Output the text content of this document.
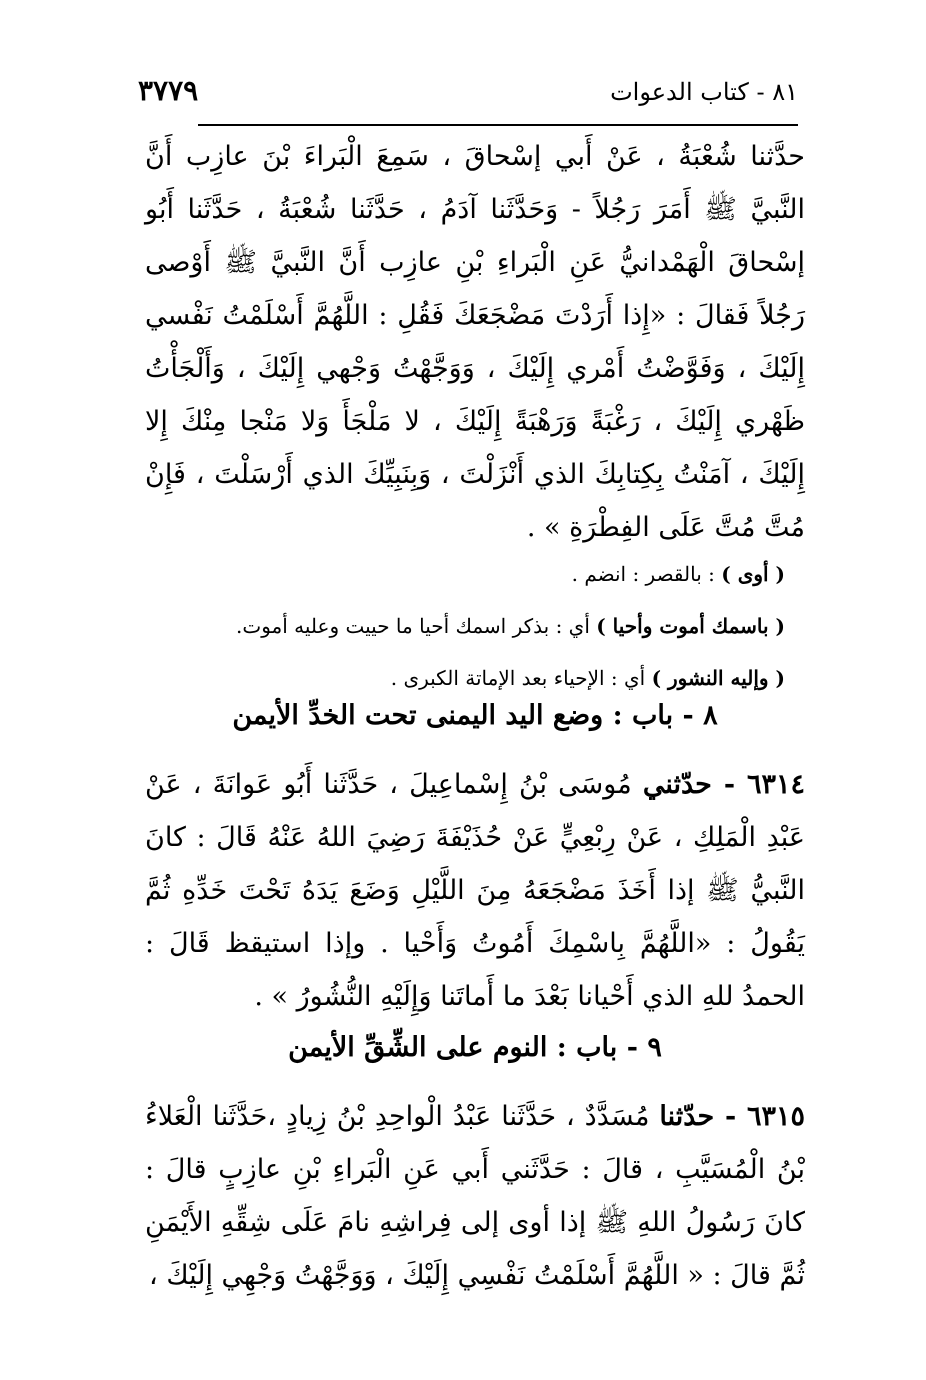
٣٧٧٩	٨١ - كتاب الدعوات

حدَّثنا شُعْبَةُ ، عَنْ أَبي إسْحاقَ ، سَمِعَ الْبَراءَ بْنَ عازِب أَنَّ النَّبيَّ ﷺ أَمَرَ رَجُلاً - وَحَدَّثَنا آدَمُ ، حَدَّثَنا شُعْبَةُ ، حَدَّثَنا أَبُو إسْحاقَ الْهَمْدانيُّ عَنِ الْبَراءِ بْنِ عازِب أَنَّ النَّبيَّ ﷺ أَوْصى رَجُلاً فَقالَ : «إِذا أَرَدْتَ مَضْجَعَكَ فَقُلِ : اللَّهُمَّ أَسْلَمْتُ نَفْسي إِلَيْكَ ، وَفَوَّضْتُ أَمْري إِلَيْكَ ، وَوَجَّهْتُ وَجْهي إِلَيْكَ ، وَأَلْجَأْتُ ظَهْري إِلَيْكَ ، رَغْبَةً وَرَهْبَةً إِلَيْكَ ، لا مَلْجَأَ وَلا مَنْجا مِنْكَ إِلا إِلَيْكَ ، آمَنْتُ بِكِتابِكَ الذي أَنْزَلْتَ ، وَبِنَبِيِّكَ الذي أَرْسَلْتَ ، فَإِنْ مُتَّ مُتَّ عَلَى الفِطْرَةِ » .

( أوى ) : بالقصر : انضم .

( باسمك أموت وأحيا ) أي : بذكر اسمك أحيا ما حييت وعليه أموت.

( وإليه النشور ) أي : الإحياء بعد الإماتة الكبرى .

٨ - باب : وضع اليد اليمنى تحت الخدِّ الأيمن

٦٣١٤ - حدّثني مُوسَى بْنُ إِسْماعِيلَ ، حَدَّثَنا أَبُو عَوانَةَ ، عَنْ عَبْدِ الْمَلِكِ ، عَنْ رِبْعِيٍّ عَنْ حُذَيْفَةَ رَضِيَ اللهُ عَنْهُ قَالَ : كانَ النَّبيُّ ﷺ إذا أَخَذَ مَضْجَعَهُ مِنَ اللَّيْلِ وَضَعَ يَدَهُ تَحْتَ خَدِّهِ ثُمَّ يَقُولُ : «اللَّهُمَّ بِاسْمِكَ أَمُوتُ وَأَحْيا . وإذا استيقظ قَالَ : الحمدُ للهِ الذي أَحْيانا بَعْدَ ما أَماتَنا وَإِلَيْهِ النُّشُورُ » .

٩ - باب : النوم على الشِّقِّ الأيمن

٦٣١٥ - حدّثنا مُسَدَّدٌ ، حَدَّثَنا عَبْدُ الْواحِدِ بْنُ زِيادٍ ،حَدَّثَنا الْعَلاءُ بْنُ الْمُسَيَّبِ ، قالَ : حَدَّثَني أَبي عَنِ الْبَراءِ بْنِ عازِبٍ قالَ : كانَ رَسُولُ اللهِ ﷺ إذا أوى إلى فِراشِهِ نامَ عَلَى شِقِّهِ الأَيْمَنِ ثُمَّ قالَ : « اللَّهُمَّ أَسْلَمْتُ نَفْسِي إِلَيْكَ ، وَوَجَّهْتُ وَجْهِي إِلَيْكَ ،
